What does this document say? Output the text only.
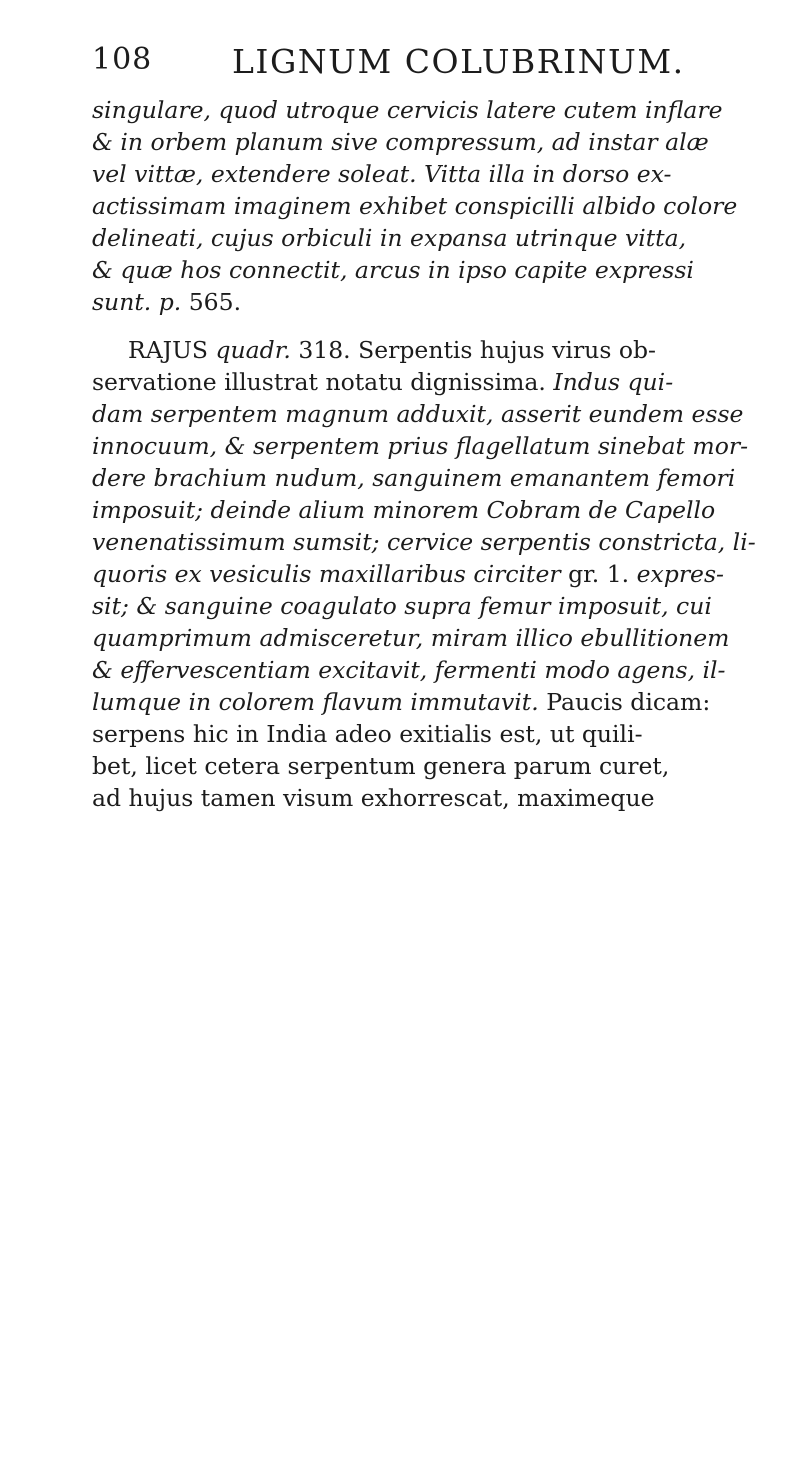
108 LIGNUM COLUBRINUM.
singulare, quod utroque cervicis latere cutem inflare
& in orbem planum sive compressum, ad instar alæ
vel vittæ, extendere soleat. Vitta illa in dorso ex-
actissimam imaginem exhibet conspicilli albido colore
delineati, cujus orbiculi in expansa utrinque vitta,
& quæ hos connectit, arcus in ipso capite expressi
sunt. p. 565.
RAJUS quadr. 318. Serpentis hujus virus ob-
servatione illustrat notatu dignissima. Indus qui-
dam serpentem magnum adduxit, asserit eundem esse
innocuum, & serpentem prius flagellatum sinebat mor-
dere brachium nudum, sanguinem emanantem femori
imposuit; deinde alium minorem Cobram de Capello
venenatissimum sumsit; cervice serpentis constricta, li-
quoris ex vesiculis maxillaribus circiter gr. 1. expres-
sit; & sanguine coagulato supra femur imposuit, cui
quamprimum admisceretur, miram illico ebullitionem
& effervescentiam excitavit, fermenti modo agens, il-
lumque in colorem flavum immutavit. Paucis dicam:
serpens hic in India adeo exitialis est, ut quili-
bet, licet cetera serpentum genera parum curet,
ad hujus tamen visum exhorrescat, maximeque
